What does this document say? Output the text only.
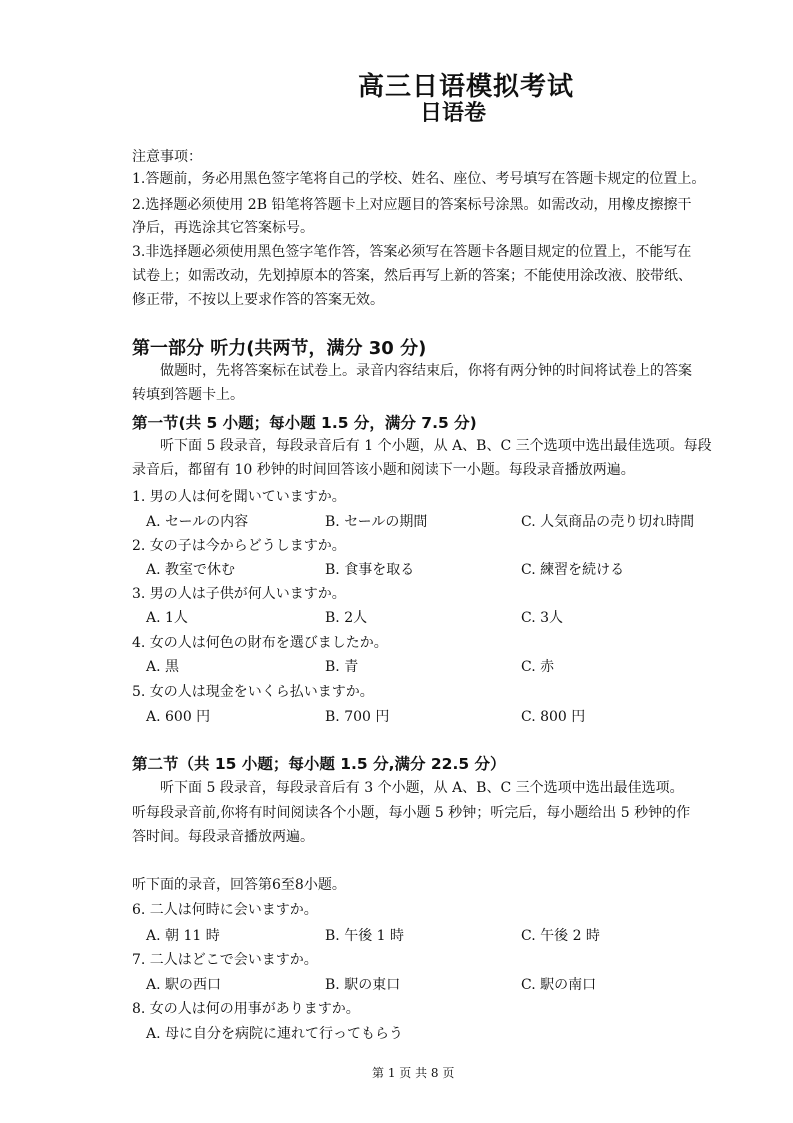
高三日语模拟考试
日语卷
注意事项：
1.答题前，务必用黑色签字笔将自己的学校、姓名、座位、考号填写在答题卡规定的位置上。
2.选择题必须使用 2B 铅笔将答题卡上对应题目的答案标号涂黑。如需改动，用橡皮擦擦干
净后，再选涂其它答案标号。
3.非选择题必须使用黑色签字笔作答，答案必须写在答题卡各题目规定的位置上，不能写在
试卷上；如需改动，先划掉原本的答案，然后再写上新的答案；不能使用涂改液、胶带纸、
修正带，不按以上要求作答的答案无效。
第一部分 听力(共两节，满分 30 分)
做题时，先将答案标在试卷上。录音内容结束后，你将有两分钟的时间将试卷上的答案
转填到答题卡上。
第一节(共 5 小题；每小题 1.5 分，满分 7.5 分)
听下面 5 段录音，每段录音后有 1 个小题，从 A、B、C 三个选项中选出最佳选项。每段
录音后，都留有 10 秒钟的时间回答该小题和阅读下一小题。每段录音播放两遍。
1. 男の人は何を聞いていますか。
A. セールの内容	B. セールの期間	C. 人気商品の売り切れ時間
2. 女の子は今からどうしますか。
A. 教室で休む	B. 食事を取る	C. 練習を続ける
3. 男の人は子供が何人いますか。
A. 1人	B. 2人	C. 3人
4. 女の人は何色の財布を選びましたか。
A. 黒	B. 青	C. 赤
5. 女の人は現金をいくら払いますか。
A. 600 円	B. 700 円	C. 800 円
第二节（共 15 小题；每小题 1.5 分,满分 22.5 分）
听下面 5 段录音，每段录音后有 3 个小题，从 A、B、C 三个选项中选出最佳选项。
听每段录音前,你将有时间阅读各个小题，每小题 5 秒钟；听完后，每小题给出 5 秒钟的作
答时间。每段录音播放两遍。
听下面的录音，回答第6至8小题。
6. 二人は何時に会いますか。
A. 朝 11 時	B. 午後 1 時	C. 午後 2 時
7. 二人はどこで会いますか。
A. 駅の西口	B. 駅の東口	C. 駅の南口
8. 女の人は何の用事がありますか。
A. 母に自分を病院に連れて行ってもらう
第 1 页 共 8 页
